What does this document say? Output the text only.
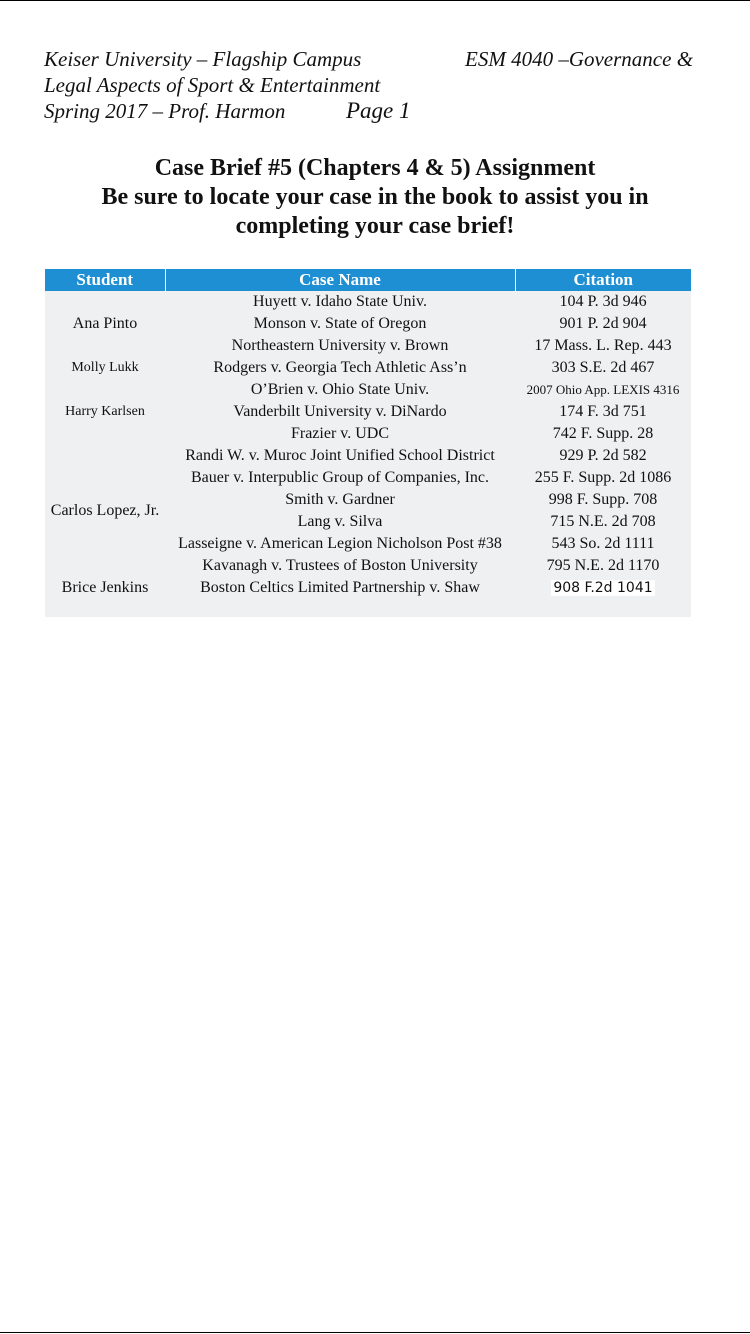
Keiser University – Flagship Campus	ESM 4040 –Governance &
Legal Aspects of Sport & Entertainment
Spring 2017 – Prof. Harmon	Page 1
Case Brief #5 (Chapters 4 & 5) Assignment
Be sure to locate your case in the book to assist you in
completing your case brief!
Student	Case Name	Citation
Ana Pinto	Huyett v. Idaho State Univ.	104 P. 3d 946
	Monson v. State of Oregon	901 P. 2d 904
	Northeastern University v. Brown	17 Mass. L. Rep. 443
Molly Lukk	Rodgers v. Georgia Tech Athletic Ass’n	303 S.E. 2d 467
Harry Karlsen	O’Brien v. Ohio State Univ.	2007 Ohio App. LEXIS 4316
	Vanderbilt University v. DiNardo	174 F. 3d 751
	Frazier v. UDC	742 F. Supp. 28
Carlos Lopez, Jr.	Randi W. v. Muroc Joint Unified School District	929 P. 2d 582
	Bauer v. Interpublic Group of Companies, Inc.	255 F. Supp. 2d 1086
	Smith v. Gardner	998 F. Supp. 708
	Lang v. Silva	715 N.E. 2d 708
	Lasseigne v. American Legion Nicholson Post #38	543 So. 2d 1111
	Kavanagh v. Trustees of Boston University	795 N.E. 2d 1170
Brice Jenkins	Boston Celtics Limited Partnership v. Shaw	908 F.2d 1041
